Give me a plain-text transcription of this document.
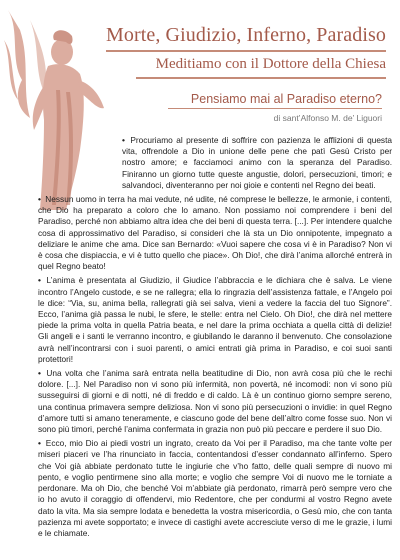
Morte, Giudizio, Inferno, Paradiso
Meditiamo con il Dottore della Chiesa
Pensiamo mai al Paradiso eterno?
di sant’Alfonso M. de’ Liguori

• Procuriamo al presente di soffrire con pazienza le afflizioni di questa vita, offrendole a Dio in unione delle pene che patì Gesù Cristo per nostro amore; e facciamoci animo con la speranza del Paradiso. Finiranno un giorno tutte queste angustie, dolori, persecuzioni, timori; e salvandoci, diventeranno per noi gioie e contenti nel Regno dei beati.

• Nessun uomo in terra ha mai vedute, né udite, né comprese le bellezze, le armonie, i contenti, che Dio ha preparato a coloro che lo amano. Non possiamo noi comprendere i beni del Paradiso, perché non abbiamo altra idea che dei beni di questa terra. [...]. Per intendere qualche cosa di approssimativo del Paradiso, si consideri che là sta un Dio onnipotente, impegnato a deliziare le anime che ama. Dice san Bernardo: «Vuoi sapere che cosa vi è in Paradiso? Non vi è cosa che dispiaccia, e vi è tutto quello che piace». Oh Dio!, che dirà l’anima allorché entrerà in quel Regno beato!

• L’anima è presentata al Giudizio, il Giudice l’abbraccia e le dichiara che è salva. Le viene incontro l’Angelo custode, e se ne rallegra; ella lo ringrazia dell’assistenza fattale, e l’Angelo poi le dice: “Via, su, anima bella, rallegrati già sei salva, vieni a vedere la faccia del tuo Signore”. Ecco, l’anima già passa le nubi, le sfere, le stelle: entra nel Cielo. Oh Dio!, che dirà nel mettere piede la prima volta in quella Patria beata, e nel dare la prima occhiata a quella città di delizie! Gli angeli e i santi le verranno incontro, e giubilando le daranno il benvenuto. Che consolazione avrà nell’incontrarsi con i suoi parenti, o amici entrati già prima in Paradiso, e coi suoi santi protettori!

• Una volta che l’anima sarà entrata nella beatitudine di Dio, non avrà cosa più che le rechi dolore. [...]. Nel Paradiso non vi sono più infermità, non povertà, né incomodi: non vi sono più susseguirsi di giorni e di notti, né di freddo e di caldo. Là è un continuo giorno sempre sereno, una continua primavera sempre deliziosa. Non vi sono più persecuzioni o invidie: in quel Regno d’amore tutti si amano teneramente, e ciascuno gode del bene dell’altro come fosse suo. Non vi sono più timori, perché l’anima confermata in grazia non può più peccare e perdere il suo Dio.

• Ecco, mio Dio ai piedi vostri un ingrato, creato da Voi per il Paradiso, ma che tante volte per miseri piaceri ve l’ha rinunciato in faccia, contentandosi d’esser condannato all’inferno. Spero che Voi già abbiate perdonato tutte le ingiurie che v’ho fatto, delle quali sempre di nuovo mi pento, e voglio pentirmene sino alla morte; e voglio che sempre Voi di nuovo me le torniate a perdonare. Ma oh Dio, che benché Voi m’abbiate già perdonato, rimarrà però sempre vero che io ho avuto il coraggio di offendervi, mio Redentore, che per condurmi al vostro Regno avete dato la vita. Ma sia sempre lodata e benedetta la vostra misericordia, o Gesù mio, che con tanta pazienza mi avete sopportato; e invece di castighi avete accresciute verso di me le grazie, i lumi e le chiamate.
